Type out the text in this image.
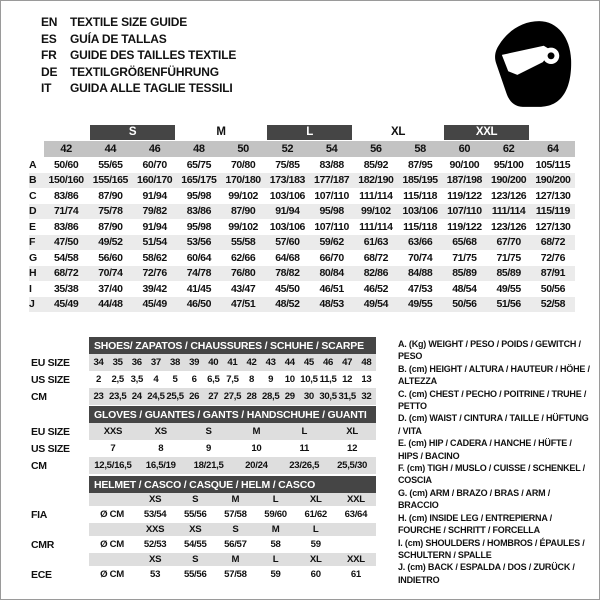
EN	TEXTILE SIZE GUIDE
ES	GUÍA DE TALLAS
FR	GUIDE DES TAILLES TEXTILE
DE	TEXTILGRÖßENFÜHRUNG
IT	GUIDA ALLE TAGLIE TESSILI

		S		M		L		XL		XXL		

	42	44	46	48	50	52	54	56	58	60	62	64
A	50/60	55/65	60/70	65/75	70/80	75/85	83/88	85/92	87/95	90/100	95/100	105/115
B	150/160	155/165	160/170	165/175	170/180	173/183	177/187	182/190	185/195	187/198	190/200	190/200
C	83/86	87/90	91/94	95/98	99/102	103/106	107/110	111/114	115/118	119/122	123/126	127/130
D	71/74	75/78	79/82	83/86	87/90	91/94	95/98	99/102	103/106	107/110	111/114	115/119
E	83/86	87/90	91/94	95/98	99/102	103/106	107/110	111/114	115/118	119/122	123/126	127/130
F	47/50	49/52	51/54	53/56	55/58	57/60	59/62	61/63	63/66	65/68	67/70	68/72
G	54/58	56/60	58/62	60/64	62/66	64/68	66/70	68/72	70/74	71/75	71/75	72/76
H	68/72	70/74	72/76	74/78	76/80	78/82	80/84	82/86	84/88	85/89	85/89	87/91
I	35/38	37/40	39/42	41/45	43/47	45/50	46/51	46/52	47/53	48/54	49/55	50/56
J	45/49	44/48	45/49	46/50	47/51	48/52	48/53	49/54	49/55	50/56	51/56	52/58
	SHOES/ ZAPATOS / CHAUSSURES / SCHUHE / SCARPE														
EU SIZE	34	35	36	37	38	39	40	41	42	43	44	45	46	47	48
US SIZE	2	2,5	3,5	4	5	6	6,5	7,5	8	9	10	10,5	11,5	12	13
CM	23	23,5	24	24,5	25,5	26	27	27,5	28	28,5	29	30	30,5	31,5	32
	GLOVES / GUANTES / GANTS / HANDSCHUHE / GUANTI					
EU SIZE	XXS	XS	S	M	L	XL
US SIZE	7	8	9	10	11	12
CM	12,5/16,5	16,5/19	18/21,5	20/24	23/26,5	25,5/30
	HELMET / CASCO / CASQUE / HELM / CASCO						
		XS	S	M	L	XL	XXL
FIA	Ø CM	53/54	55/56	57/58	59/60	61/62	63/64
		XXS	XS	S	M	L	
CMR	Ø CM	52/53	54/55	56/57	58	59	
		XS	S	M	L	XL	XXL
ECE	Ø CM	53	55/56	57/58	59	60	61
A. (Kg) WEIGHT / PESO / POIDS / GEWITCH / PESO
B. (cm) HEIGHT / ALTURA / HAUTEUR / HÖHE / ALTEZZA
C. (cm) CHEST / PECHO / POITRINE / TRUHE / PETTO
D. (cm) WAIST / CINTURA / TAILLE / HÜFTUNG / VITA
E. (cm) HIP / CADERA / HANCHE / HÜFTE / HIPS / BACINO
F. (cm) TIGH / MUSLO / CUISSE / SCHENKEL / COSCIA
G. (cm) ARM / BRAZO / BRAS / ARM / BRACCIO
H. (cm) INSIDE LEG / ENTREPIERNA / FOURCHE / SCHRITT / FORCELLA
I. (cm) SHOULDERS / HOMBROS / ÉPAULES / SCHULTERN / SPALLE
J. (cm) BACK / ESPALDA / DOS / ZURÜCK / INDIETRO
